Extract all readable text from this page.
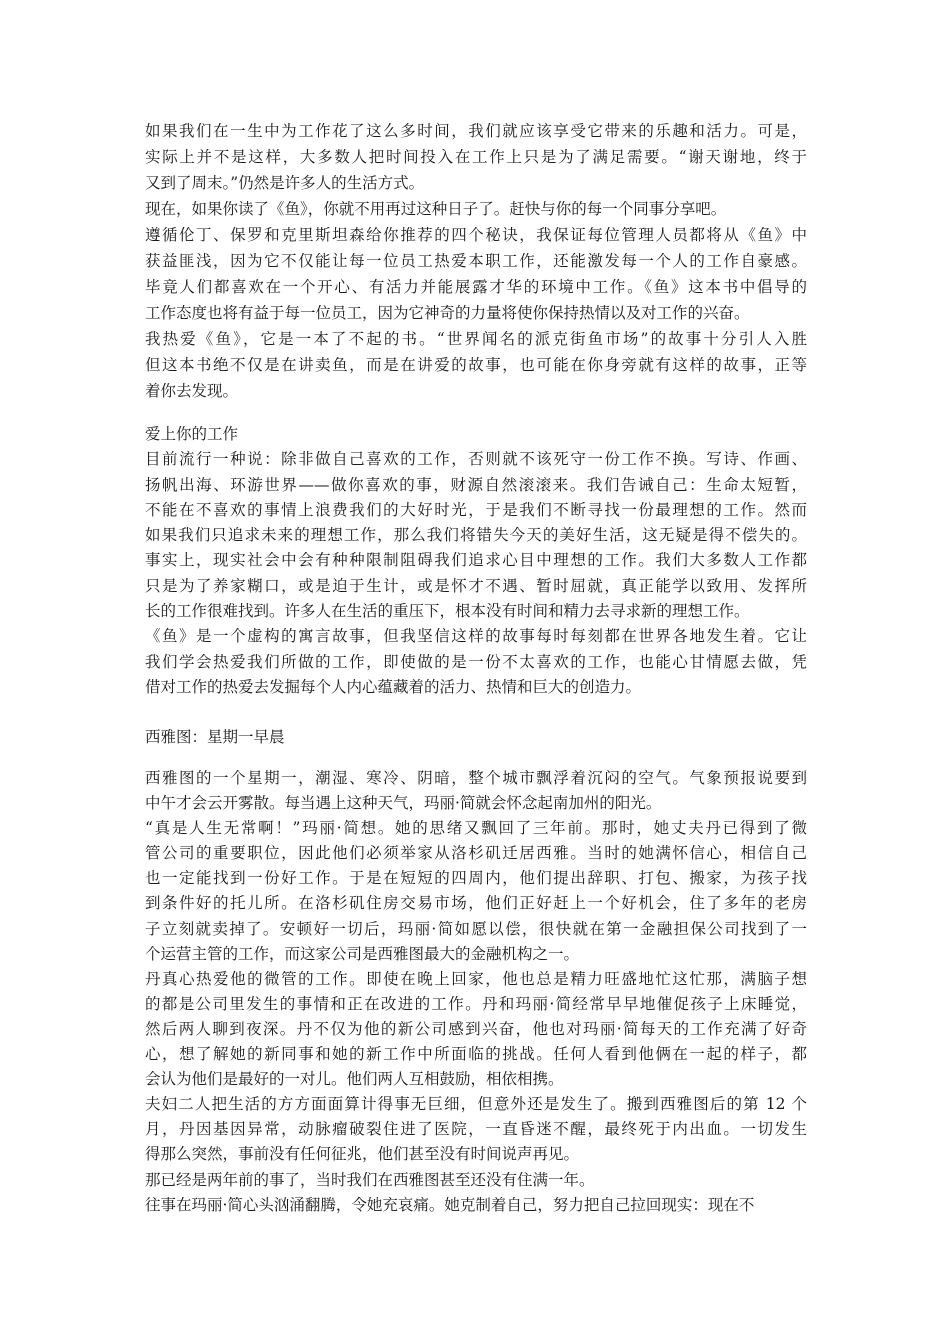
如果我们在一生中为工作花了这么多时间，我们就应该享受它带来的乐趣和活力。可是，
实际上并不是这样，大多数人把时间投入在工作上只是为了满足需要。“谢天谢地，终于
又到了周末。”仍然是许多人的生活方式。

现在，如果你读了《鱼》，你就不用再过这种日子了。赶快与你的每一个同事分享吧。

遵循伦丁、保罗和克里斯坦森给你推荐的四个秘诀，我保证每位管理人员都将从《鱼》中
获益匪浅，因为它不仅能让每一位员工热爱本职工作，还能激发每一个人的工作自豪感。
毕竟人们都喜欢在一个开心、有活力并能展露才华的环境中工作。《鱼》这本书中倡导的
工作态度也将有益于每一位员工，因为它神奇的力量将使你保持热情以及对工作的兴奋。

我热爱《鱼》，它是一本了不起的书。“世界闻名的派克街鱼市场”的故事十分引人入胜
但这本书绝不仅是在讲卖鱼，而是在讲爱的故事，也可能在你身旁就有这样的故事，正等
着你去发现。

爱上你的工作

目前流行一种说：除非做自己喜欢的工作，否则就不该死守一份工作不换。写诗、作画、
扬帆出海、环游世界——做你喜欢的事，财源自然滚滚来。我们告诫自己：生命太短暂，
不能在不喜欢的事情上浪费我们的大好时光，于是我们不断寻找一份最理想的工作。然而
如果我们只追求未来的理想工作，那么我们将错失今天的美好生活，这无疑是得不偿失的。
事实上，现实社会中会有种种限制阻碍我们追求心目中理想的工作。我们大多数人工作都
只是为了养家糊口，或是迫于生计，或是怀才不遇、暂时屈就，真正能学以致用、发挥所
长的工作很难找到。许多人在生活的重压下，根本没有时间和精力去寻求新的理想工作。

《鱼》是一个虚构的寓言故事，但我坚信这样的故事每时每刻都在世界各地发生着。它让
我们学会热爱我们所做的工作，即使做的是一份不太喜欢的工作，也能心甘情愿去做，凭
借对工作的热爱去发掘每个人内心蕴藏着的活力、热情和巨大的创造力。

西雅图：星期一早晨

西雅图的一个星期一，潮湿、寒冷、阴暗，整个城市飘浮着沉闷的空气。气象预报说要到
中午才会云开雾散。每当遇上这种天气，玛丽·简就会怀念起南加州的阳光。

“真是人生无常啊！”玛丽·简想。她的思绪又飘回了三年前。那时，她丈夫丹已得到了微
管公司的重要职位，因此他们必须举家从洛杉矶迁居西雅。当时的她满怀信心，相信自己
也一定能找到一份好工作。于是在短短的四周内，他们提出辞职、打包、搬家，为孩子找
到条件好的托儿所。在洛杉矶住房交易市场，他们正好赶上一个好机会，住了多年的老房
子立刻就卖掉了。安顿好一切后，玛丽·简如愿以偿，很快就在第一金融担保公司找到了一
个运营主管的工作，而这家公司是西雅图最大的金融机构之一。

丹真心热爱他的微管的工作。即使在晚上回家，他也总是精力旺盛地忙这忙那，满脑子想
的都是公司里发生的事情和正在改进的工作。丹和玛丽·简经常早早地催促孩子上床睡觉，
然后两人聊到夜深。丹不仅为他的新公司感到兴奋，他也对玛丽·简每天的工作充满了好奇
心，想了解她的新同事和她的新工作中所面临的挑战。任何人看到他俩在一起的样子，都
会认为他们是最好的一对儿。他们两人互相鼓励，相依相携。

夫妇二人把生活的方方面面算计得事无巨细，但意外还是发生了。搬到西雅图后的第 12 个
月，丹因基因异常，动脉瘤破裂住进了医院，一直昏迷不醒，最终死于内出血。一切发生
得那么突然，事前没有任何征兆，他们甚至没有时间说声再见。

那已经是两年前的事了，当时我们在西雅图甚至还没有住满一年。

往事在玛丽·简心头汹涌翻腾，令她充哀痛。她克制着自己，努力把自己拉回现实：现在不
